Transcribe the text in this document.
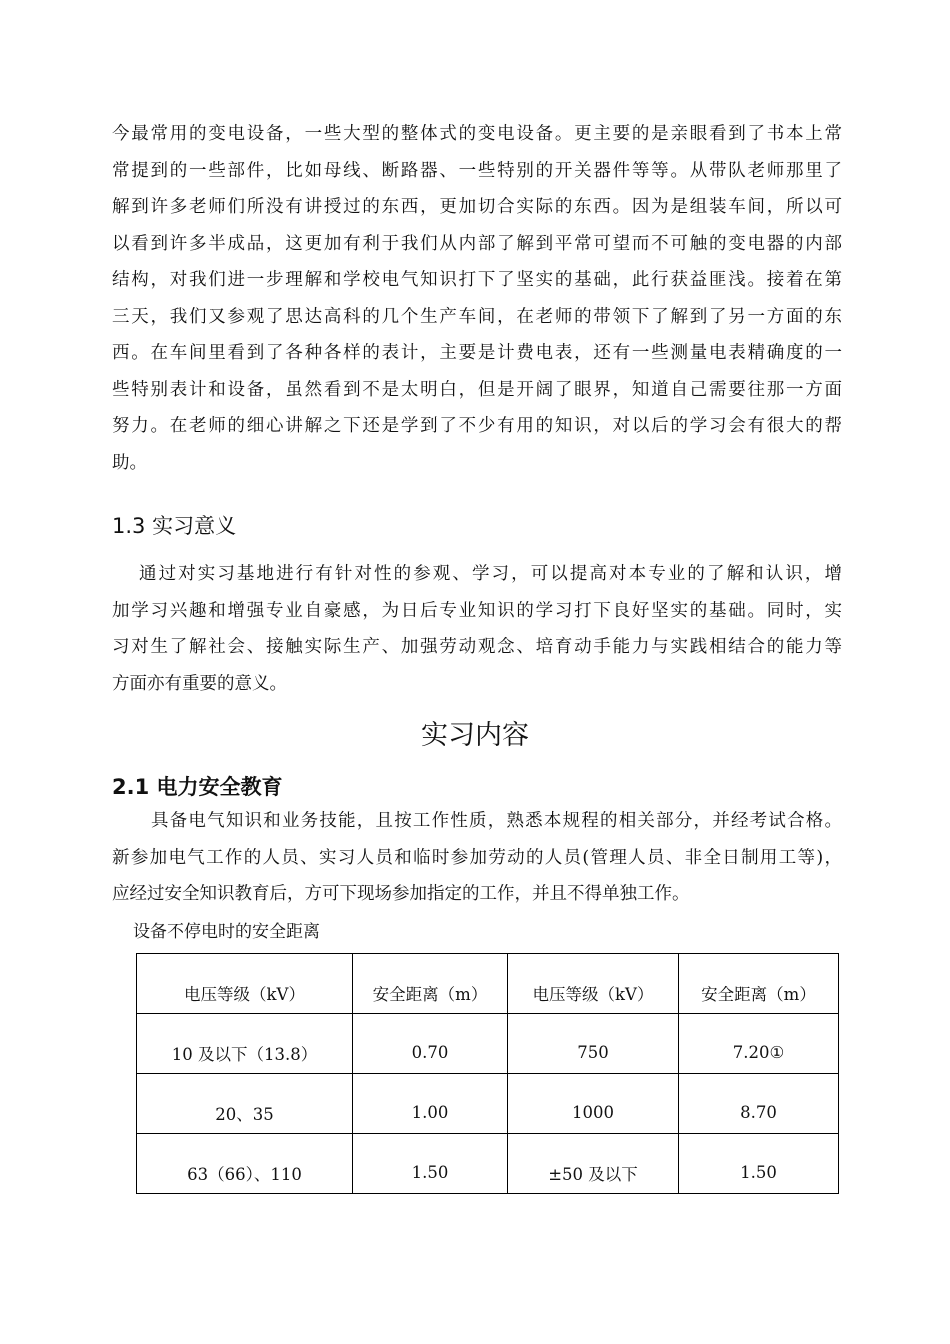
今最常用的变电设备，一些大型的整体式的变电设备。更主要的是亲眼看到了书本上常
常提到的一些部件，比如母线、断路器、一些特别的开关器件等等。从带队老师那里了
解到许多老师们所没有讲授过的东西，更加切合实际的东西。因为是组装车间，所以可
以看到许多半成品，这更加有利于我们从内部了解到平常可望而不可触的变电器的内部
结构，对我们进一步理解和学校电气知识打下了坚实的基础，此行获益匪浅。接着在第
三天，我们又参观了思达高科的几个生产车间，在老师的带领下了解到了另一方面的东
西。在车间里看到了各种各样的表计，主要是计费电表，还有一些测量电表精确度的一
些特别表计和设备，虽然看到不是太明白，但是开阔了眼界，知道自己需要往那一方面
努力。在老师的细心讲解之下还是学到了不少有用的知识，对以后的学习会有很大的帮
助。
1.3 实习意义
通过对实习基地进行有针对性的参观、学习，可以提高对本专业的了解和认识，增
加学习兴趣和增强专业自豪感，为日后专业知识的学习打下良好坚实的基础。同时，实
习对生了解社会、接触实际生产、加强劳动观念、培育动手能力与实践相结合的能力等
方面亦有重要的意义。
实习内容
2.1 电力安全教育
具备电气知识和业务技能，且按工作性质，熟悉本规程的相关部分，并经考试合格。
新参加电气工作的人员、实习人员和临时参加劳动的人员(管理人员、非全日制用工等)，
应经过安全知识教育后，方可下现场参加指定的工作，并且不得单独工作。
设备不停电时的安全距离
电压等级（kV）	安全距离（m）	电压等级（kV）	安全距离（m）
10 及以下（13.8）	0.70	750	7.20①
20、35	1.00	1000	8.70
63（66）、110	1.50	±50 及以下	1.50
